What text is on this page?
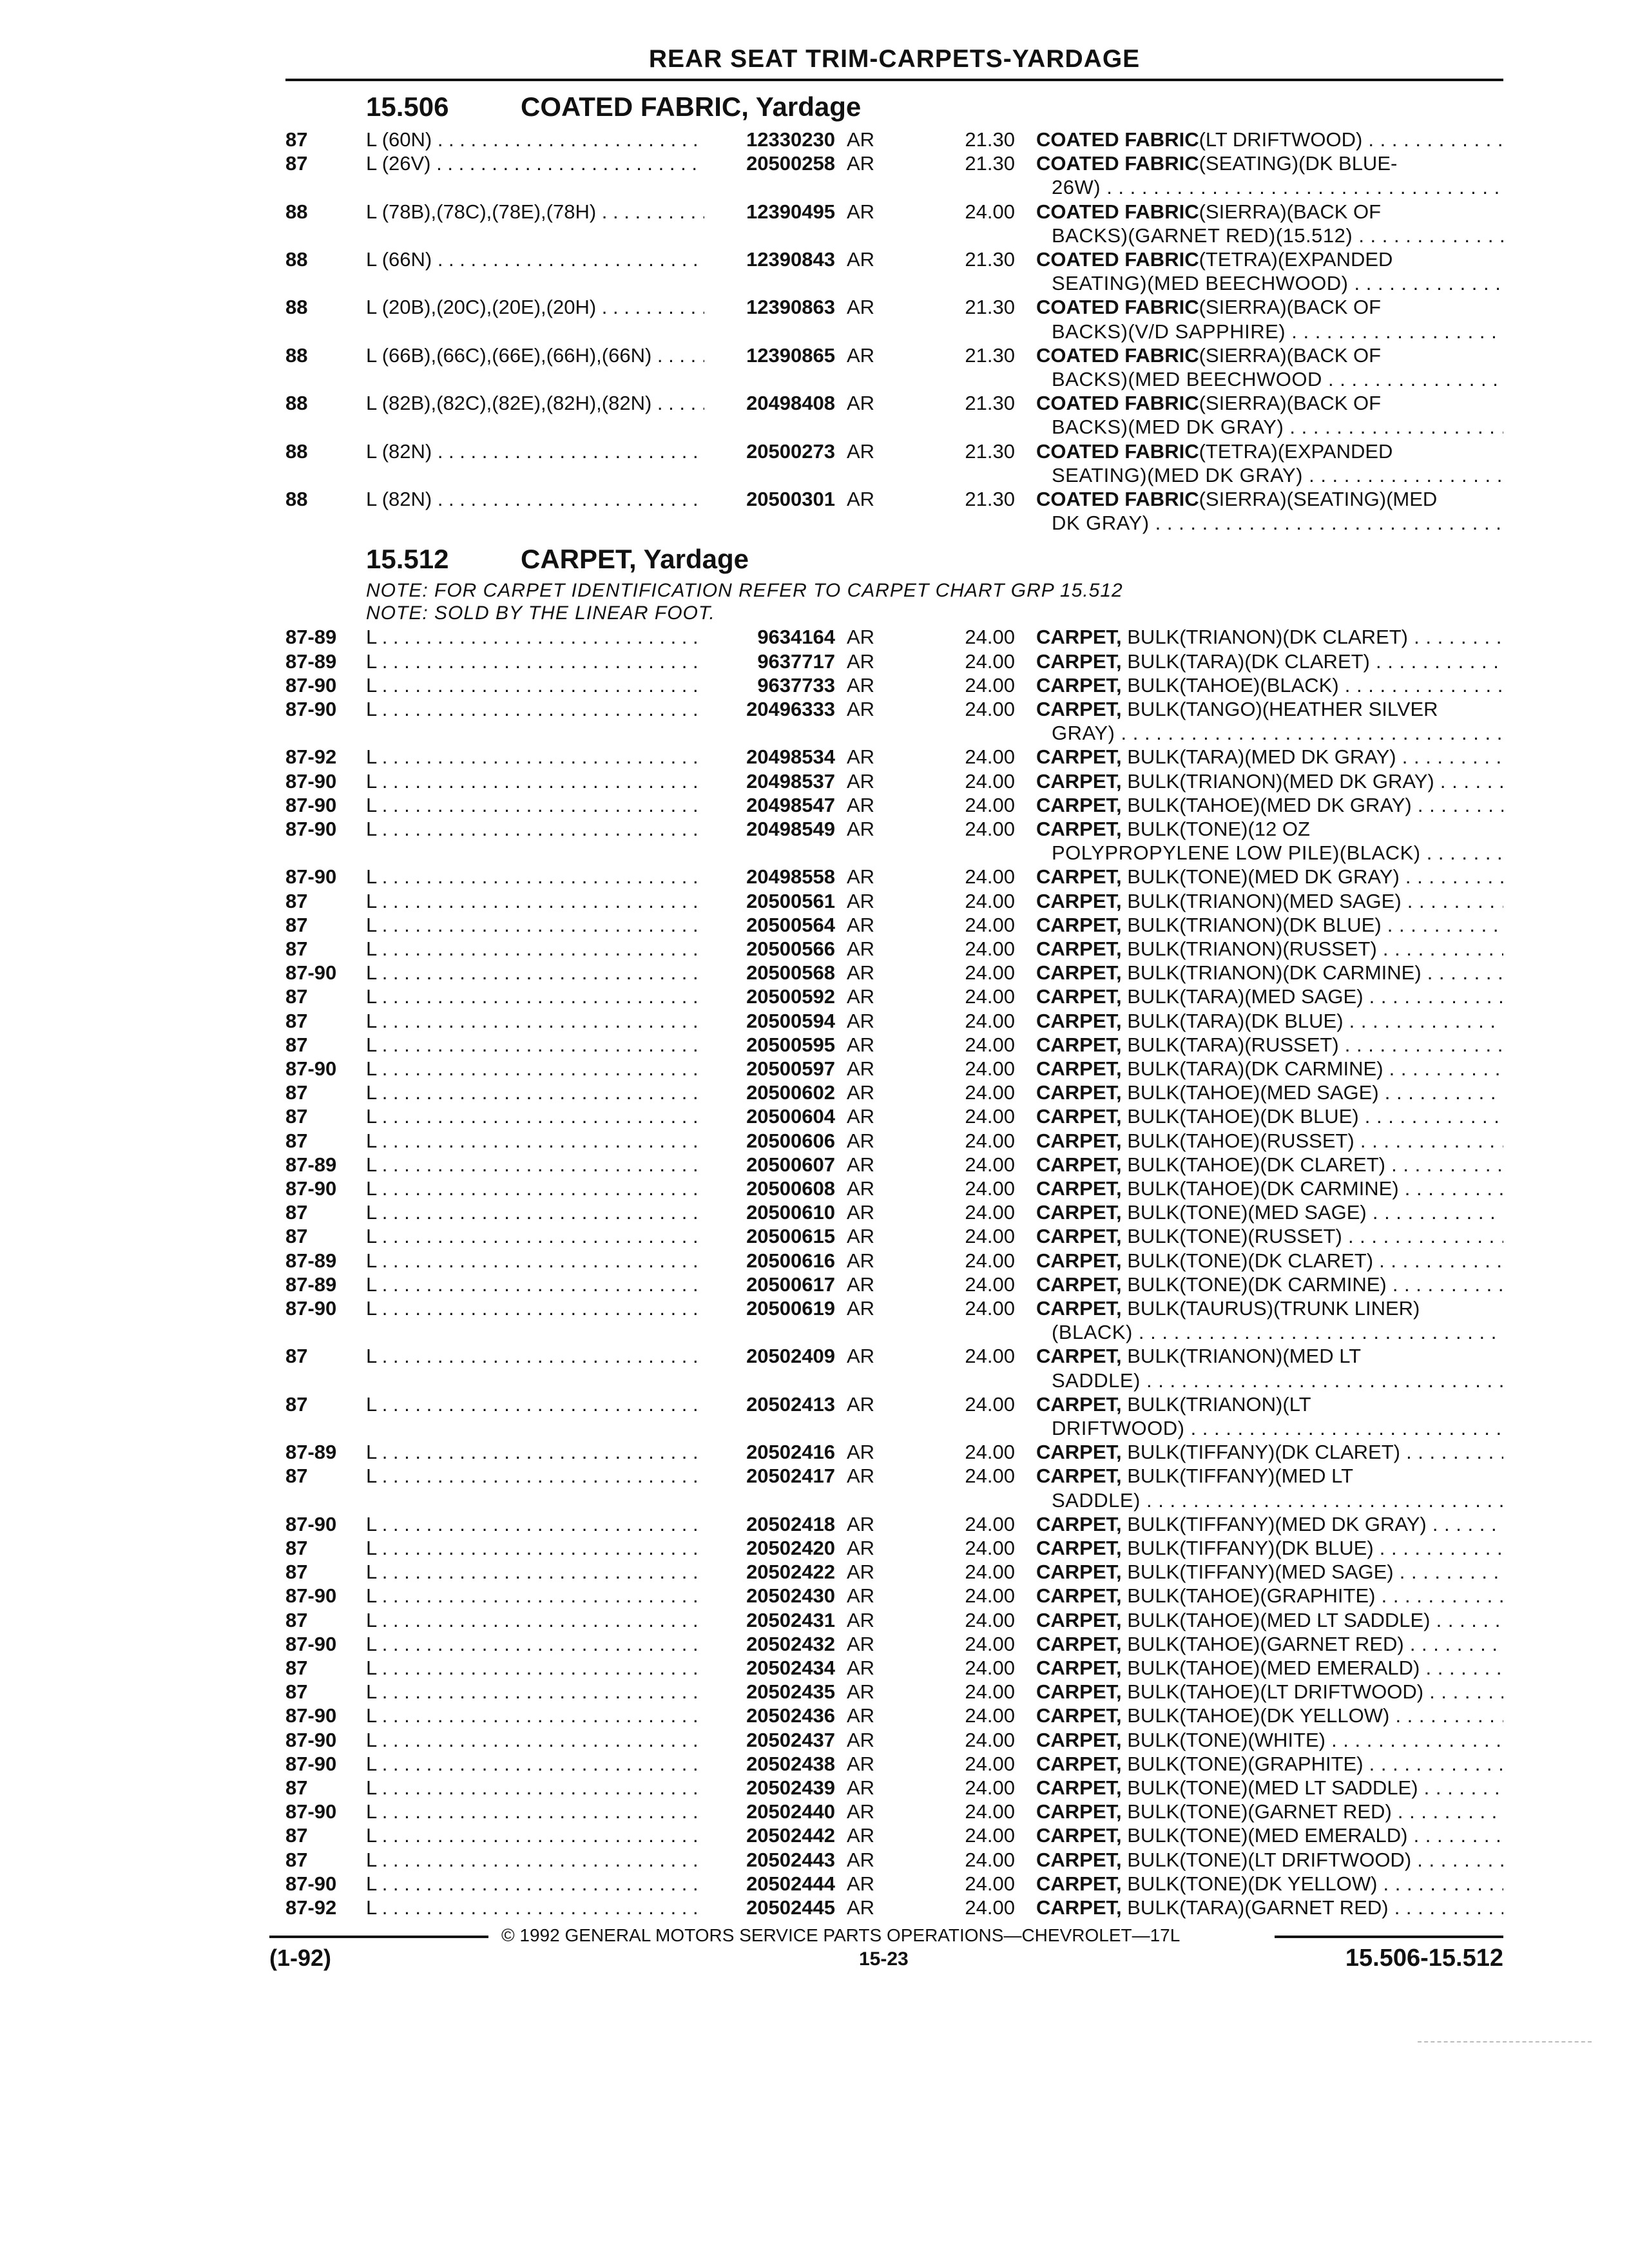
REAR SEAT TRIM-CARPETS-YARDAGE
15.506	COATED FABRIC, Yardage
87	L (60N) . . .	12330230 AR	21.30 COATED FABRIC(LT DRIFTWOOD) . . .
87	L (26V) . . .	20500258 AR	21.30 COATED FABRIC(SEATING)(DK BLUE-
26W) . . .
88	L (78B),(78C),(78E),(78H) . . .	12390495 AR	24.00 COATED FABRIC(SIERRA)(BACK OF
BACKS)(GARNET RED)(15.512) . . .
88	L (66N) . . .	12390843 AR	21.30 COATED FABRIC(TETRA)(EXPANDED
SEATING)(MED BEECHWOOD) . . .
88	L (20B),(20C),(20E),(20H) . . .	12390863 AR	21.30 COATED FABRIC(SIERRA)(BACK OF
BACKS)(V/D SAPPHIRE) . . .
88	L (66B),(66C),(66E),(66H),(66N) . . .	12390865 AR	21.30 COATED FABRIC(SIERRA)(BACK OF
BACKS)(MED BEECHWOOD . . .
88	L (82B),(82C),(82E),(82H),(82N) . . .	20498408 AR	21.30 COATED FABRIC(SIERRA)(BACK OF
BACKS)(MED DK GRAY) . . .
88	L (82N) . . .	20500273 AR	21.30 COATED FABRIC(TETRA)(EXPANDED
SEATING)(MED DK GRAY) . . .
88	L (82N) . . .	20500301 AR	21.30 COATED FABRIC(SIERRA)(SEATING)(MED
DK GRAY) . . .
15.512	CARPET, Yardage
NOTE: FOR CARPET IDENTIFICATION REFER TO CARPET CHART GRP 15.512
NOTE: SOLD BY THE LINEAR FOOT.
87-89 L . . .	9634164 AR	24.00 CARPET, BULK(TRIANON)(DK CLARET) . . .
87-89 L . . .	9637717 AR	24.00 CARPET, BULK(TARA)(DK CLARET) . . .
87-90 L . . .	9637733 AR	24.00 CARPET, BULK(TAHOE)(BLACK) . . .
87-90 L . . .	20496333 AR	24.00 CARPET, BULK(TANGO)(HEATHER SILVER
GRAY) . . .
87-92 L . . .	20498534 AR	24.00 CARPET, BULK(TARA)(MED DK GRAY) . . .
87-90 L . . .	20498537 AR	24.00 CARPET, BULK(TRIANON)(MED DK GRAY) . . .
87-90 L . . .	20498547 AR	24.00 CARPET, BULK(TAHOE)(MED DK GRAY) . . .
87-90 L . . .	20498549 AR	24.00 CARPET, BULK(TONE)(12 OZ
POLYPROPYLENE LOW PILE)(BLACK) . . .
87-90 L . . .	20498558 AR	24.00 CARPET, BULK(TONE)(MED DK GRAY) . . .
87	L . . .	20500561 AR	24.00 CARPET, BULK(TRIANON)(MED SAGE) . . .
87	L . . .	20500564 AR	24.00 CARPET, BULK(TRIANON)(DK BLUE) . . .
87	L . . .	20500566 AR	24.00 CARPET, BULK(TRIANON)(RUSSET) . . .
87-90 L . . .	20500568 AR	24.00 CARPET, BULK(TRIANON)(DK CARMINE) . . .
87	L . . .	20500592 AR	24.00 CARPET, BULK(TARA)(MED SAGE) . . .
87	L . . .	20500594 AR	24.00 CARPET, BULK(TARA)(DK BLUE) . . .
87	L . . .	20500595 AR	24.00 CARPET, BULK(TARA)(RUSSET) . . .
87-90 L . . .	20500597 AR	24.00 CARPET, BULK(TARA)(DK CARMINE) . . .
87	L . . .	20500602 AR	24.00 CARPET, BULK(TAHOE)(MED SAGE) . . .
87	L . . .	20500604 AR	24.00 CARPET, BULK(TAHOE)(DK BLUE) . . .
87	L . . .	20500606 AR	24.00 CARPET, BULK(TAHOE)(RUSSET) . . .
87-89 L . . .	20500607 AR	24.00 CARPET, BULK(TAHOE)(DK CLARET) . . .
87-90 L . . .	20500608 AR	24.00 CARPET, BULK(TAHOE)(DK CARMINE) . . .
87	L . . .	20500610 AR	24.00 CARPET, BULK(TONE)(MED SAGE) . . .
87	L . . .	20500615 AR	24.00 CARPET, BULK(TONE)(RUSSET) . . .
87-89 L . . .	20500616 AR	24.00 CARPET, BULK(TONE)(DK CLARET) . . .
87-89 L . . .	20500617 AR	24.00 CARPET, BULK(TONE)(DK CARMINE) . . .
87-90 L . . .	20500619 AR	24.00 CARPET, BULK(TAURUS)(TRUNK LINER)
(BLACK) . . .
87	L . . .	20502409 AR	24.00 CARPET, BULK(TRIANON)(MED LT
SADDLE) . . .
87	L . . .	20502413 AR	24.00 CARPET, BULK(TRIANON)(LT
DRIFTWOOD) . . .
87-89 L . . .	20502416 AR	24.00 CARPET, BULK(TIFFANY)(DK CLARET) . . .
87	L . . .	20502417 AR	24.00 CARPET, BULK(TIFFANY)(MED LT
SADDLE) . . .
87-90 L . . .	20502418 AR	24.00 CARPET, BULK(TIFFANY)(MED DK GRAY) . . .
87	L . . .	20502420 AR	24.00 CARPET, BULK(TIFFANY)(DK BLUE) . . .
87	L . . .	20502422 AR	24.00 CARPET, BULK(TIFFANY)(MED SAGE) . . .
87-90 L . . .	20502430 AR	24.00 CARPET, BULK(TAHOE)(GRAPHITE) . . .
87	L . . .	20502431 AR	24.00 CARPET, BULK(TAHOE)(MED LT SADDLE) . . .
87-90 L . . .	20502432 AR	24.00 CARPET, BULK(TAHOE)(GARNET RED) . . .
87	L . . .	20502434 AR	24.00 CARPET, BULK(TAHOE)(MED EMERALD) . . .
87	L . . .	20502435 AR	24.00 CARPET, BULK(TAHOE)(LT DRIFTWOOD) . . .
87-90 L . . .	20502436 AR	24.00 CARPET, BULK(TAHOE)(DK YELLOW) . . .
87-90 L . . .	20502437 AR	24.00 CARPET, BULK(TONE)(WHITE) . . .
87-90 L . . .	20502438 AR	24.00 CARPET, BULK(TONE)(GRAPHITE) . . .
87	L . . .	20502439 AR	24.00 CARPET, BULK(TONE)(MED LT SADDLE) . . .
87-90 L . . .	20502440 AR	24.00 CARPET, BULK(TONE)(GARNET RED) . . .
87	L . . .	20502442 AR	24.00 CARPET, BULK(TONE)(MED EMERALD) . . .
87	L . . .	20502443 AR	24.00 CARPET, BULK(TONE)(LT DRIFTWOOD) . . .
87-90 L . . .	20502444 AR	24.00 CARPET, BULK(TONE)(DK YELLOW) . . .
87-92 L . . .	20502445 AR	24.00 CARPET, BULK(TARA)(GARNET RED) . . .
© 1992 GENERAL MOTORS SERVICE PARTS OPERATIONS—CHEVROLET—17L
(1-92)	15-23	15.506-15.512
